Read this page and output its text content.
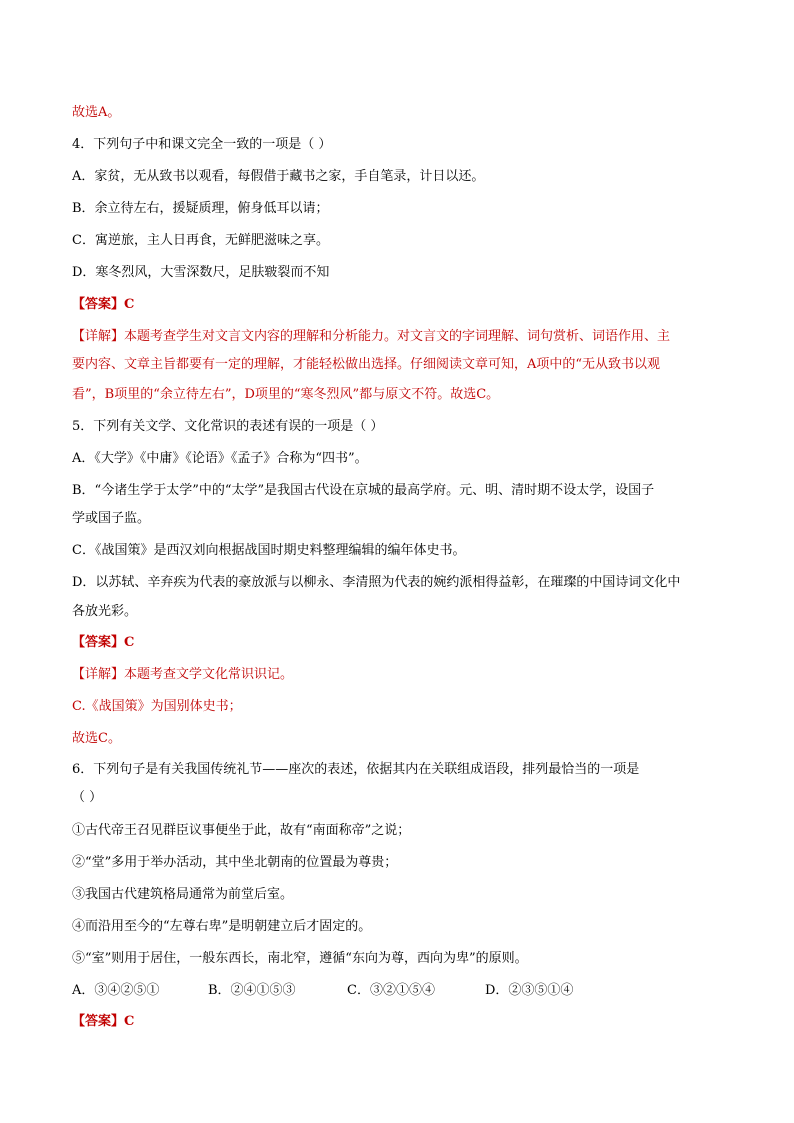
故选A。
4．下列句子中和课文完全一致的一项是（ ）
A．家贫，无从致书以观看，每假借于藏书之家，手自笔录，计日以还。
B．余立待左右，援疑质理，俯身低耳以请；
C．寓逆旅，主人日再食，无鲜肥滋味之享。
D．寒冬烈风，大雪深数尺，足肤皲裂而不知
【答案】C
【详解】本题考查学生对文言文内容的理解和分析能力。对文言文的字词理解、词句赏析、词语作用、主
要内容、文章主旨都要有一定的理解，才能轻松做出选择。仔细阅读文章可知，A项中的“无从致书以观
看”，B项里的“余立待左右”，D项里的“寒冬烈风”都与原文不符。故选C。
5．下列有关文学、文化常识的表述有误的一项是（ ）
A．《大学》《中庸》《论语》《孟子》合称为“四书”。
B．“今诸生学于太学”中的“太学”是我国古代设在京城的最高学府。元、明、清时期不设太学，设国子
学或国子监。
C．《战国策》是西汉刘向根据战国时期史料整理编辑的编年体史书。
D．以苏轼、辛弃疾为代表的豪放派与以柳永、李清照为代表的婉约派相得益彰，在璀璨的中国诗词文化中
各放光彩。
【答案】C
【详解】本题考查文学文化常识识记。
C.《战国策》为国别体史书；
故选C。
6．下列句子是有关我国传统礼节——座次的表述，依据其内在关联组成语段，排列最恰当的一项是
（ ）
①古代帝王召见群臣议事便坐于此，故有“南面称帝”之说；
②“堂”多用于举办活动，其中坐北朝南的位置最为尊贵；
③我国古代建筑格局通常为前堂后室。
④而沿用至今的“左尊右卑”是明朝建立后才固定的。
⑤“室”则用于居住，一般东西长，南北窄，遵循“东向为尊，西向为卑”的原则。
A．③④②⑤①	B．②④①⑤③	C．③②①⑤④	D．②③⑤①④
【答案】C
